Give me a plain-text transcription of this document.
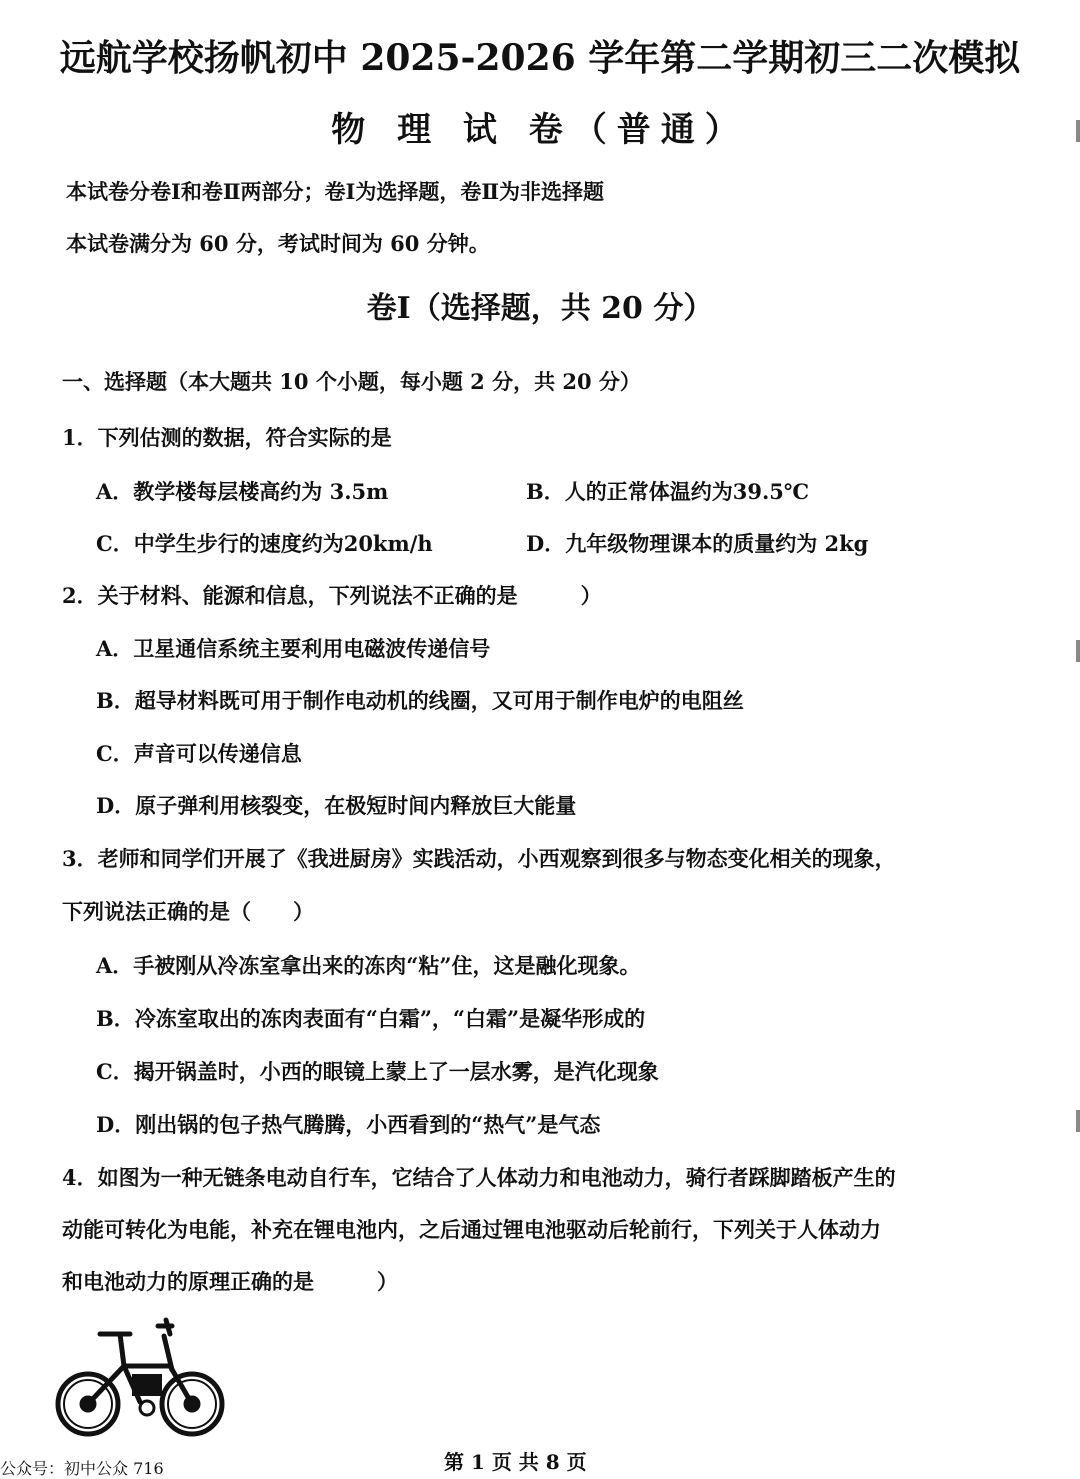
远航学校扬帆初中 2025-2026 学年第二学期初三二次模拟
物 理 试 卷（普通）
本试卷分卷Ⅰ和卷Ⅱ两部分；卷Ⅰ为选择题，卷Ⅱ为非选择题
本试卷满分为 60 分，考试时间为 60 分钟。
卷Ⅰ（选择题，共 20 分）
一、选择题（本大题共 10 个小题，每小题 2 分，共 20 分）
1．下列估测的数据，符合实际的是
A．教学楼每层楼高约为 3.5m	B．人的正常体温约为39.5℃
C．中学生步行的速度约为20km/h	D．九年级物理课本的质量约为 2kg
2．关于材料、能源和信息，下列说法不正确的是　　　）
A．卫星通信系统主要利用电磁波传递信号
B．超导材料既可用于制作电动机的线圈，又可用于制作电炉的电阻丝
C．声音可以传递信息
D．原子弹利用核裂变，在极短时间内释放巨大能量
3．老师和同学们开展了《我进厨房》实践活动，小西观察到很多与物态变化相关的现象，
下列说法正确的是（　　）
A．手被刚从冷冻室拿出来的冻肉“粘”住，这是融化现象。
B．冷冻室取出的冻肉表面有“白霜”，“白霜”是凝华形成的
C．揭开锅盖时，小西的眼镜上蒙上了一层水雾，是汽化现象
D．刚出锅的包子热气腾腾，小西看到的“热气”是气态
4．如图为一种无链条电动自行车，它结合了人体动力和电池动力，骑行者踩脚踏板产生的
动能可转化为电能，补充在锂电池内，之后通过锂电池驱动后轮前行，下列关于人体动力
和电池动力的原理正确的是　　　）
公众号：初中公众 716	第 1 页 共 8 页
